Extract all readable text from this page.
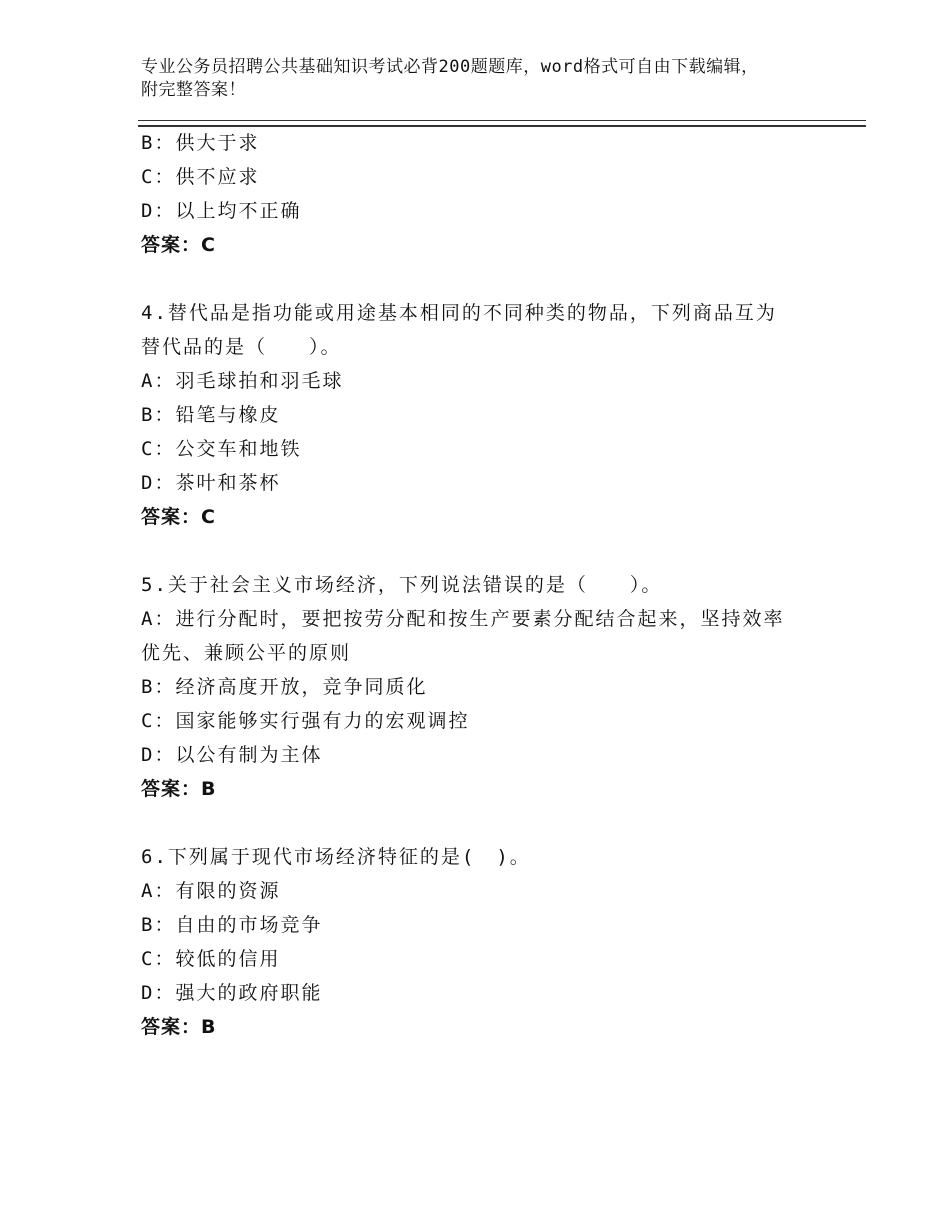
专业公务员招聘公共基础知识考试必背200题题库，word格式可自由下载编辑，
附完整答案！
B：供大于求
C：供不应求
D：以上均不正确
答案：C
4.替代品是指功能或用途基本相同的不同种类的物品，下列商品互为
替代品的是（　　）。
A：羽毛球拍和羽毛球
B：铅笔与橡皮
C：公交车和地铁
D：茶叶和茶杯
答案：C
5.关于社会主义市场经济，下列说法错误的是（　　）。
A：进行分配时，要把按劳分配和按生产要素分配结合起来，坚持效率
优先、兼顾公平的原则
B：经济高度开放，竞争同质化
C：国家能够实行强有力的宏观调控
D：以公有制为主体
答案：B
6.下列属于现代市场经济特征的是(　)。
A：有限的资源
B：自由的市场竞争
C：较低的信用
D：强大的政府职能
答案：B
